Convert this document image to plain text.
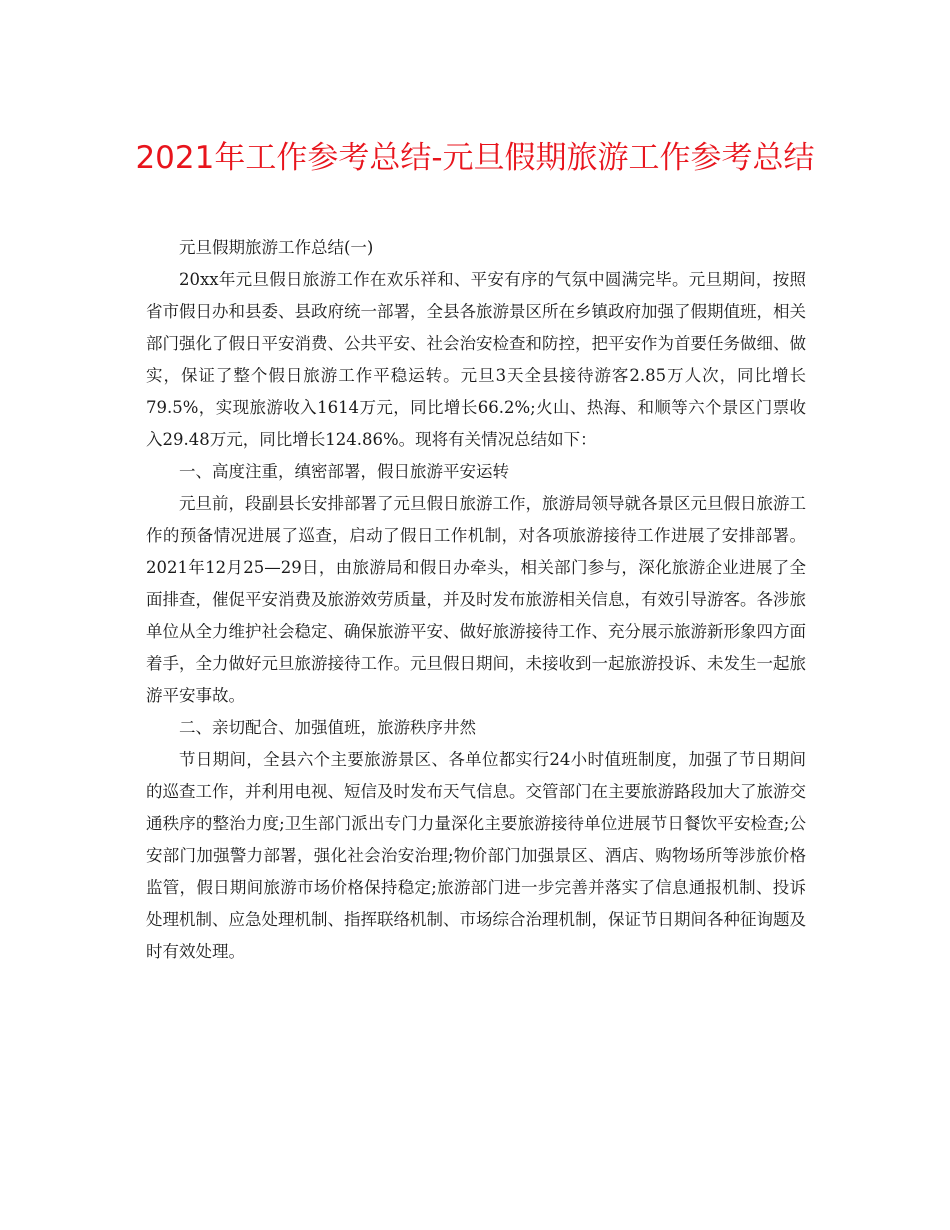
2021年工作参考总结-元旦假期旅游工作参考总结

元旦假期旅游工作总结(一)

20xx年元旦假日旅游工作在欢乐祥和、平安有序的气氛中圆满完毕。元旦期间，按照省市假日办和县委、县政府统一部署，全县各旅游景区所在乡镇政府加强了假期值班，相关部门强化了假日平安消费、公共平安、社会治安检查和防控，把平安作为首要任务做细、做实，保证了整个假日旅游工作平稳运转。元旦3天全县接待游客2.85万人次，同比增长79.5%，实现旅游收入1614万元，同比增长66.2%;火山、热海、和顺等六个景区门票收入29.48万元，同比增长124.86%。现将有关情况总结如下：

一、高度注重，缜密部署，假日旅游平安运转

元旦前，段副县长安排部署了元旦假日旅游工作，旅游局领导就各景区元旦假日旅游工作的预备情况进展了巡查，启动了假日工作机制，对各项旅游接待工作进展了安排部署。2021年12月25—29日，由旅游局和假日办牵头，相关部门参与，深化旅游企业进展了全面排查，催促平安消费及旅游效劳质量，并及时发布旅游相关信息，有效引导游客。各涉旅单位从全力维护社会稳定、确保旅游平安、做好旅游接待工作、充分展示旅游新形象四方面着手，全力做好元旦旅游接待工作。元旦假日期间，未接收到一起旅游投诉、未发生一起旅游平安事故。

二、亲切配合、加强值班，旅游秩序井然

节日期间，全县六个主要旅游景区、各单位都实行24小时值班制度，加强了节日期间的巡查工作，并利用电视、短信及时发布天气信息。交管部门在主要旅游路段加大了旅游交通秩序的整治力度;卫生部门派出专门力量深化主要旅游接待单位进展节日餐饮平安检查;公安部门加强警力部署，强化社会治安治理;物价部门加强景区、酒店、购物场所等涉旅价格监管，假日期间旅游市场价格保持稳定;旅游部门进一步完善并落实了信息通报机制、投诉处理机制、应急处理机制、指挥联络机制、市场综合治理机制，保证节日期间各种征询题及时有效处理。
